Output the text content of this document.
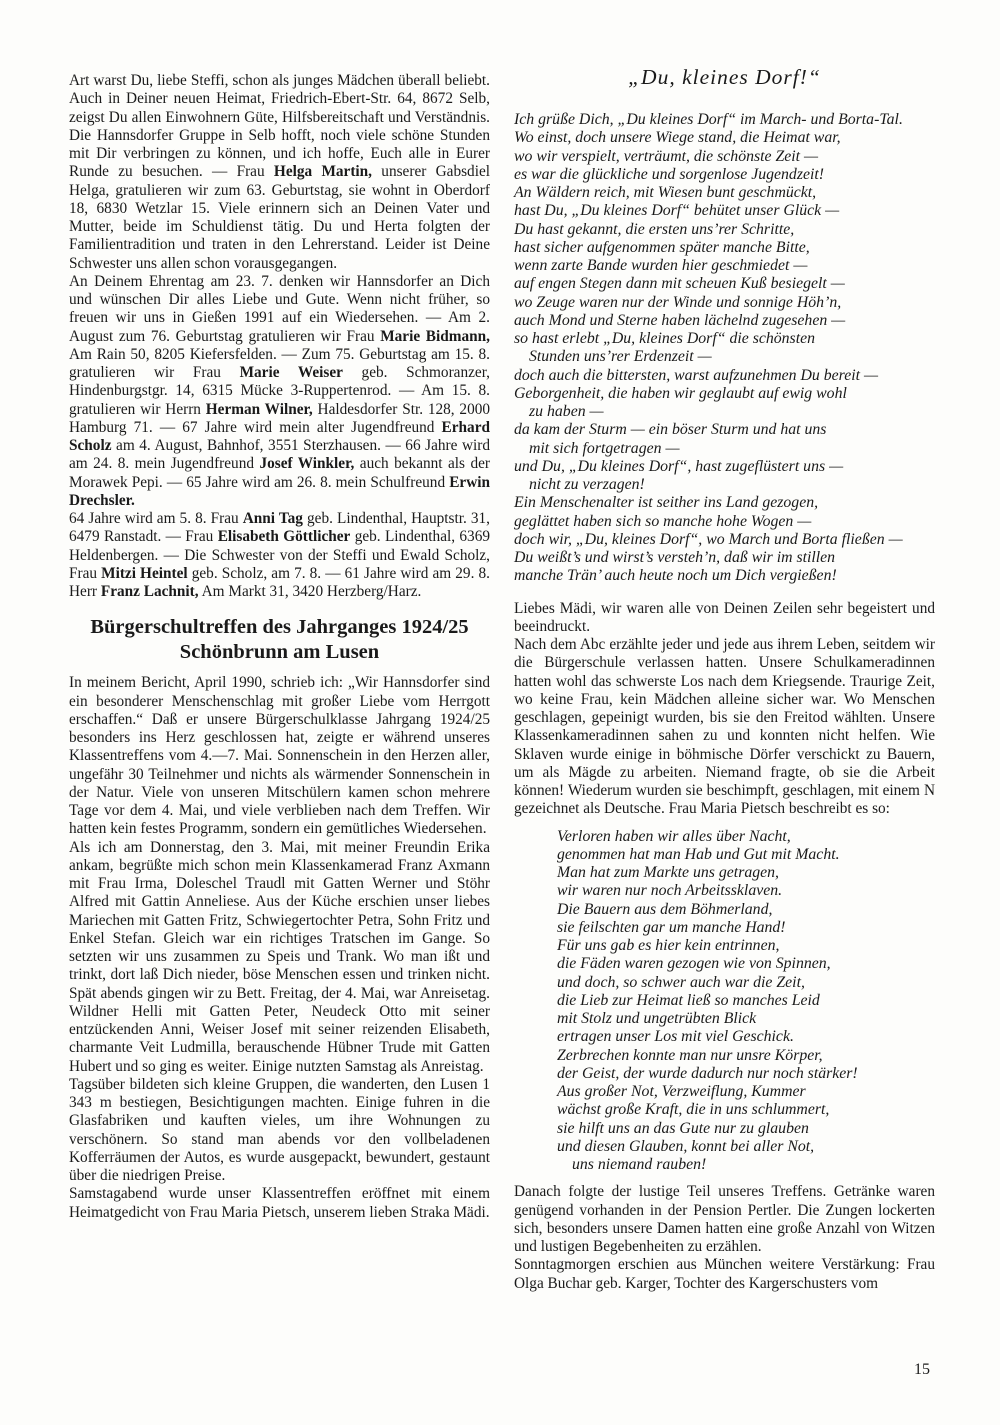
Art warst Du, liebe Steffi, schon als junges Mädchen überall beliebt. Auch in Deiner neuen Heimat, Friedrich-Ebert-Str. 64, 8672 Selb, zeigst Du allen Einwohnern Güte, Hilfsbereitschaft und Verständnis. Die Hannsdorfer Gruppe in Selb hofft, noch viele schöne Stunden mit Dir verbringen zu können, und ich hoffe, Euch alle in Eurer Runde zu besuchen. — Frau Helga Martin, unserer Gabsdiel Helga, gratulieren wir zum 63. Geburtstag, sie wohnt in Oberdorf 18, 6830 Wetzlar 15. Viele erinnern sich an Deinen Vater und Mutter, beide im Schuldienst tätig. Du und Herta folgten der Familientradition und traten in den Lehrerstand. Leider ist Deine Schwester uns allen schon vorausgegangen.

An Deinem Ehrentag am 23. 7. denken wir Hannsdorfer an Dich und wünschen Dir alles Liebe und Gute. Wenn nicht früher, so freuen wir uns in Gießen 1991 auf ein Wiedersehen. — Am 2. August zum 76. Geburtstag gratulieren wir Frau Marie Bidmann, Am Rain 50, 8205 Kiefersfelden. — Zum 75. Geburtstag am 15. 8. gratulieren wir Frau Marie Weiser geb. Schmoranzer, Hindenburgstgr. 14, 6315 Mücke 3-Ruppertenrod. — Am 15. 8. gratulieren wir Herrn Herman Wilner, Haldesdorfer Str. 128, 2000 Hamburg 71. — 67 Jahre wird mein alter Jugendfreund Erhard Scholz am 4. August, Bahnhof, 3551 Sterzhausen. — 66 Jahre wird am 24. 8. mein Jugendfreund Josef Winkler, auch bekannt als der Morawek Pepi. — 65 Jahre wird am 26. 8. mein Schulfreund Erwin Drechsler.

64 Jahre wird am 5. 8. Frau Anni Tag geb. Lindenthal, Hauptstr. 31, 6479 Ranstadt. — Frau Elisabeth Göttlicher geb. Lindenthal, 6369 Heldenbergen. — Die Schwester von der Steffi und Ewald Scholz, Frau Mitzi Heintel geb. Scholz, am 7. 8. — 61 Jahre wird am 29. 8. Herr Franz Lachnit, Am Markt 31, 3420 Herzberg/Harz.

Bürgerschultreffen des Jahrganges 1924/25
Schönbrunn am Lusen

In meinem Bericht, April 1990, schrieb ich: „Wir Hannsdorfer sind ein besonderer Menschenschlag mit großer Liebe vom Herrgott erschaffen.“ Daß er unsere Bürgerschulklasse Jahrgang 1924/25 besonders ins Herz geschlossen hat, zeigte er während unseres Klassentreffens vom 4.—7. Mai. Sonnenschein in den Herzen aller, ungefähr 30 Teilnehmer und nichts als wärmender Sonnenschein in der Natur. Viele von unseren Mitschülern kamen schon mehrere Tage vor dem 4. Mai, und viele verblieben nach dem Treffen. Wir hatten kein festes Programm, sondern ein gemütliches Wiedersehen.

Als ich am Donnerstag, den 3. Mai, mit meiner Freundin Erika ankam, begrüßte mich schon mein Klassenkamerad Franz Axmann mit Frau Irma, Doleschel Traudl mit Gatten Werner und Stöhr Alfred mit Gattin Anneliese. Aus der Küche erschien unser liebes Mariechen mit Gatten Fritz, Schwiegertochter Petra, Sohn Fritz und Enkel Stefan. Gleich war ein richtiges Tratschen im Gange. So setzten wir uns zusammen zu Speis und Trank. Wo man ißt und trinkt, dort laß Dich nieder, böse Menschen essen und trinken nicht. Spät abends gingen wir zu Bett. Freitag, der 4. Mai, war Anreisetag. Wildner Helli mit Gatten Peter, Neudeck Otto mit seiner entzückenden Anni, Weiser Josef mit seiner reizenden Elisabeth, charmante Veit Ludmilla, berauschende Hübner Trude mit Gatten Hubert und so ging es weiter. Einige nutzten Samstag als Anreistag.

Tagsüber bildeten sich kleine Gruppen, die wanderten, den Lusen 1 343 m bestiegen, Besichtigungen machten. Einige fuhren in die Glasfabriken und kauften vieles, um ihre Wohnungen zu verschönern. So stand man abends vor den vollbeladenen Kofferräumen der Autos, es wurde ausgepackt, bewundert, gestaunt über die niedrigen Preise.

Samstagabend wurde unser Klassentreffen eröffnet mit einem Heimatgedicht von Frau Maria Pietsch, unserem lieben Straka Mädi.

„Du, kleines Dorf!“
Ich grüße Dich, „Du kleines Dorf“ im March- und Borta-Tal.
Wo einst, doch unsere Wiege stand, die Heimat war,
wo wir verspielt, verträumt, die schönste Zeit —
es war die glückliche und sorgenlose Jugendzeit!
An Wäldern reich, mit Wiesen bunt geschmückt,
hast Du, „Du kleines Dorf“ behütet unser Glück —
Du hast gekannt, die ersten uns’rer Schritte,
hast sicher aufgenommen später manche Bitte,
wenn zarte Bande wurden hier geschmiedet —
auf engen Stegen dann mit scheuen Kuß besiegelt —
wo Zeuge waren nur der Winde und sonnige Höh’n,
auch Mond und Sterne haben lächelnd zugesehen —
so hast erlebt „Du, kleines Dorf“ die schönsten
Stunden uns’rer Erdenzeit —
doch auch die bittersten, warst aufzunehmen Du bereit —
Geborgenheit, die haben wir geglaubt auf ewig wohl
zu haben —
da kam der Sturm — ein böser Sturm und hat uns
mit sich fortgetragen —
und Du, „Du kleines Dorf“, hast zugeflüstert uns —
nicht zu verzagen!
Ein Menschenalter ist seither ins Land gezogen,
geglättet haben sich so manche hohe Wogen —
doch wir, „Du, kleines Dorf“, wo March und Borta fließen —
Du weißt’s und wirst’s versteh’n, daß wir im stillen
manche Trän’ auch heute noch um Dich vergießen!

Liebes Mädi, wir waren alle von Deinen Zeilen sehr begeistert und beeindruckt.

Nach dem Abc erzählte jeder und jede aus ihrem Leben, seitdem wir die Bürgerschule verlassen hatten. Unsere Schulkameradinnen hatten wohl das schwerste Los nach dem Kriegsende. Traurige Zeit, wo keine Frau, kein Mädchen alleine sicher war. Wo Menschen geschlagen, gepeinigt wurden, bis sie den Freitod wählten. Unsere Klassenkameradinnen sahen zu und konnten nicht helfen. Wie Sklaven wurde einige in böhmische Dörfer verschickt zu Bauern, um als Mägde zu arbeiten. Niemand fragte, ob sie die Arbeit können! Wiederum wurden sie beschimpft, geschlagen, mit einem N gezeichnet als Deutsche. Frau Maria Pietsch beschreibt es so:

Verloren haben wir alles über Nacht,
genommen hat man Hab und Gut mit Macht.
Man hat zum Markte uns getragen,
wir waren nur noch Arbeitssklaven.
Die Bauern aus dem Böhmerland,
sie feilschten gar um manche Hand!
Für uns gab es hier kein entrinnen,
die Fäden waren gezogen wie von Spinnen,
und doch, so schwer auch war die Zeit,
die Lieb zur Heimat ließ so manches Leid
mit Stolz und ungetrübten Blick
ertragen unser Los mit viel Geschick.
Zerbrechen konnte man nur unsre Körper,
der Geist, der wurde dadurch nur noch stärker!
Aus großer Not, Verzweiflung, Kummer
wächst große Kraft, die in uns schlummert,
sie hilft uns an das Gute nur zu glauben
und diesen Glauben, konnt bei aller Not,
uns niemand rauben!

Danach folgte der lustige Teil unseres Treffens. Getränke waren genügend vorhanden in der Pension Pertler. Die Zungen lockerten sich, besonders unsere Damen hatten eine große Anzahl von Witzen und lustigen Begebenheiten zu erzählen.

Sonntagmorgen erschien aus München weitere Verstärkung: Frau Olga Buchar geb. Karger, Tochter des Kargerschusters vom

15
